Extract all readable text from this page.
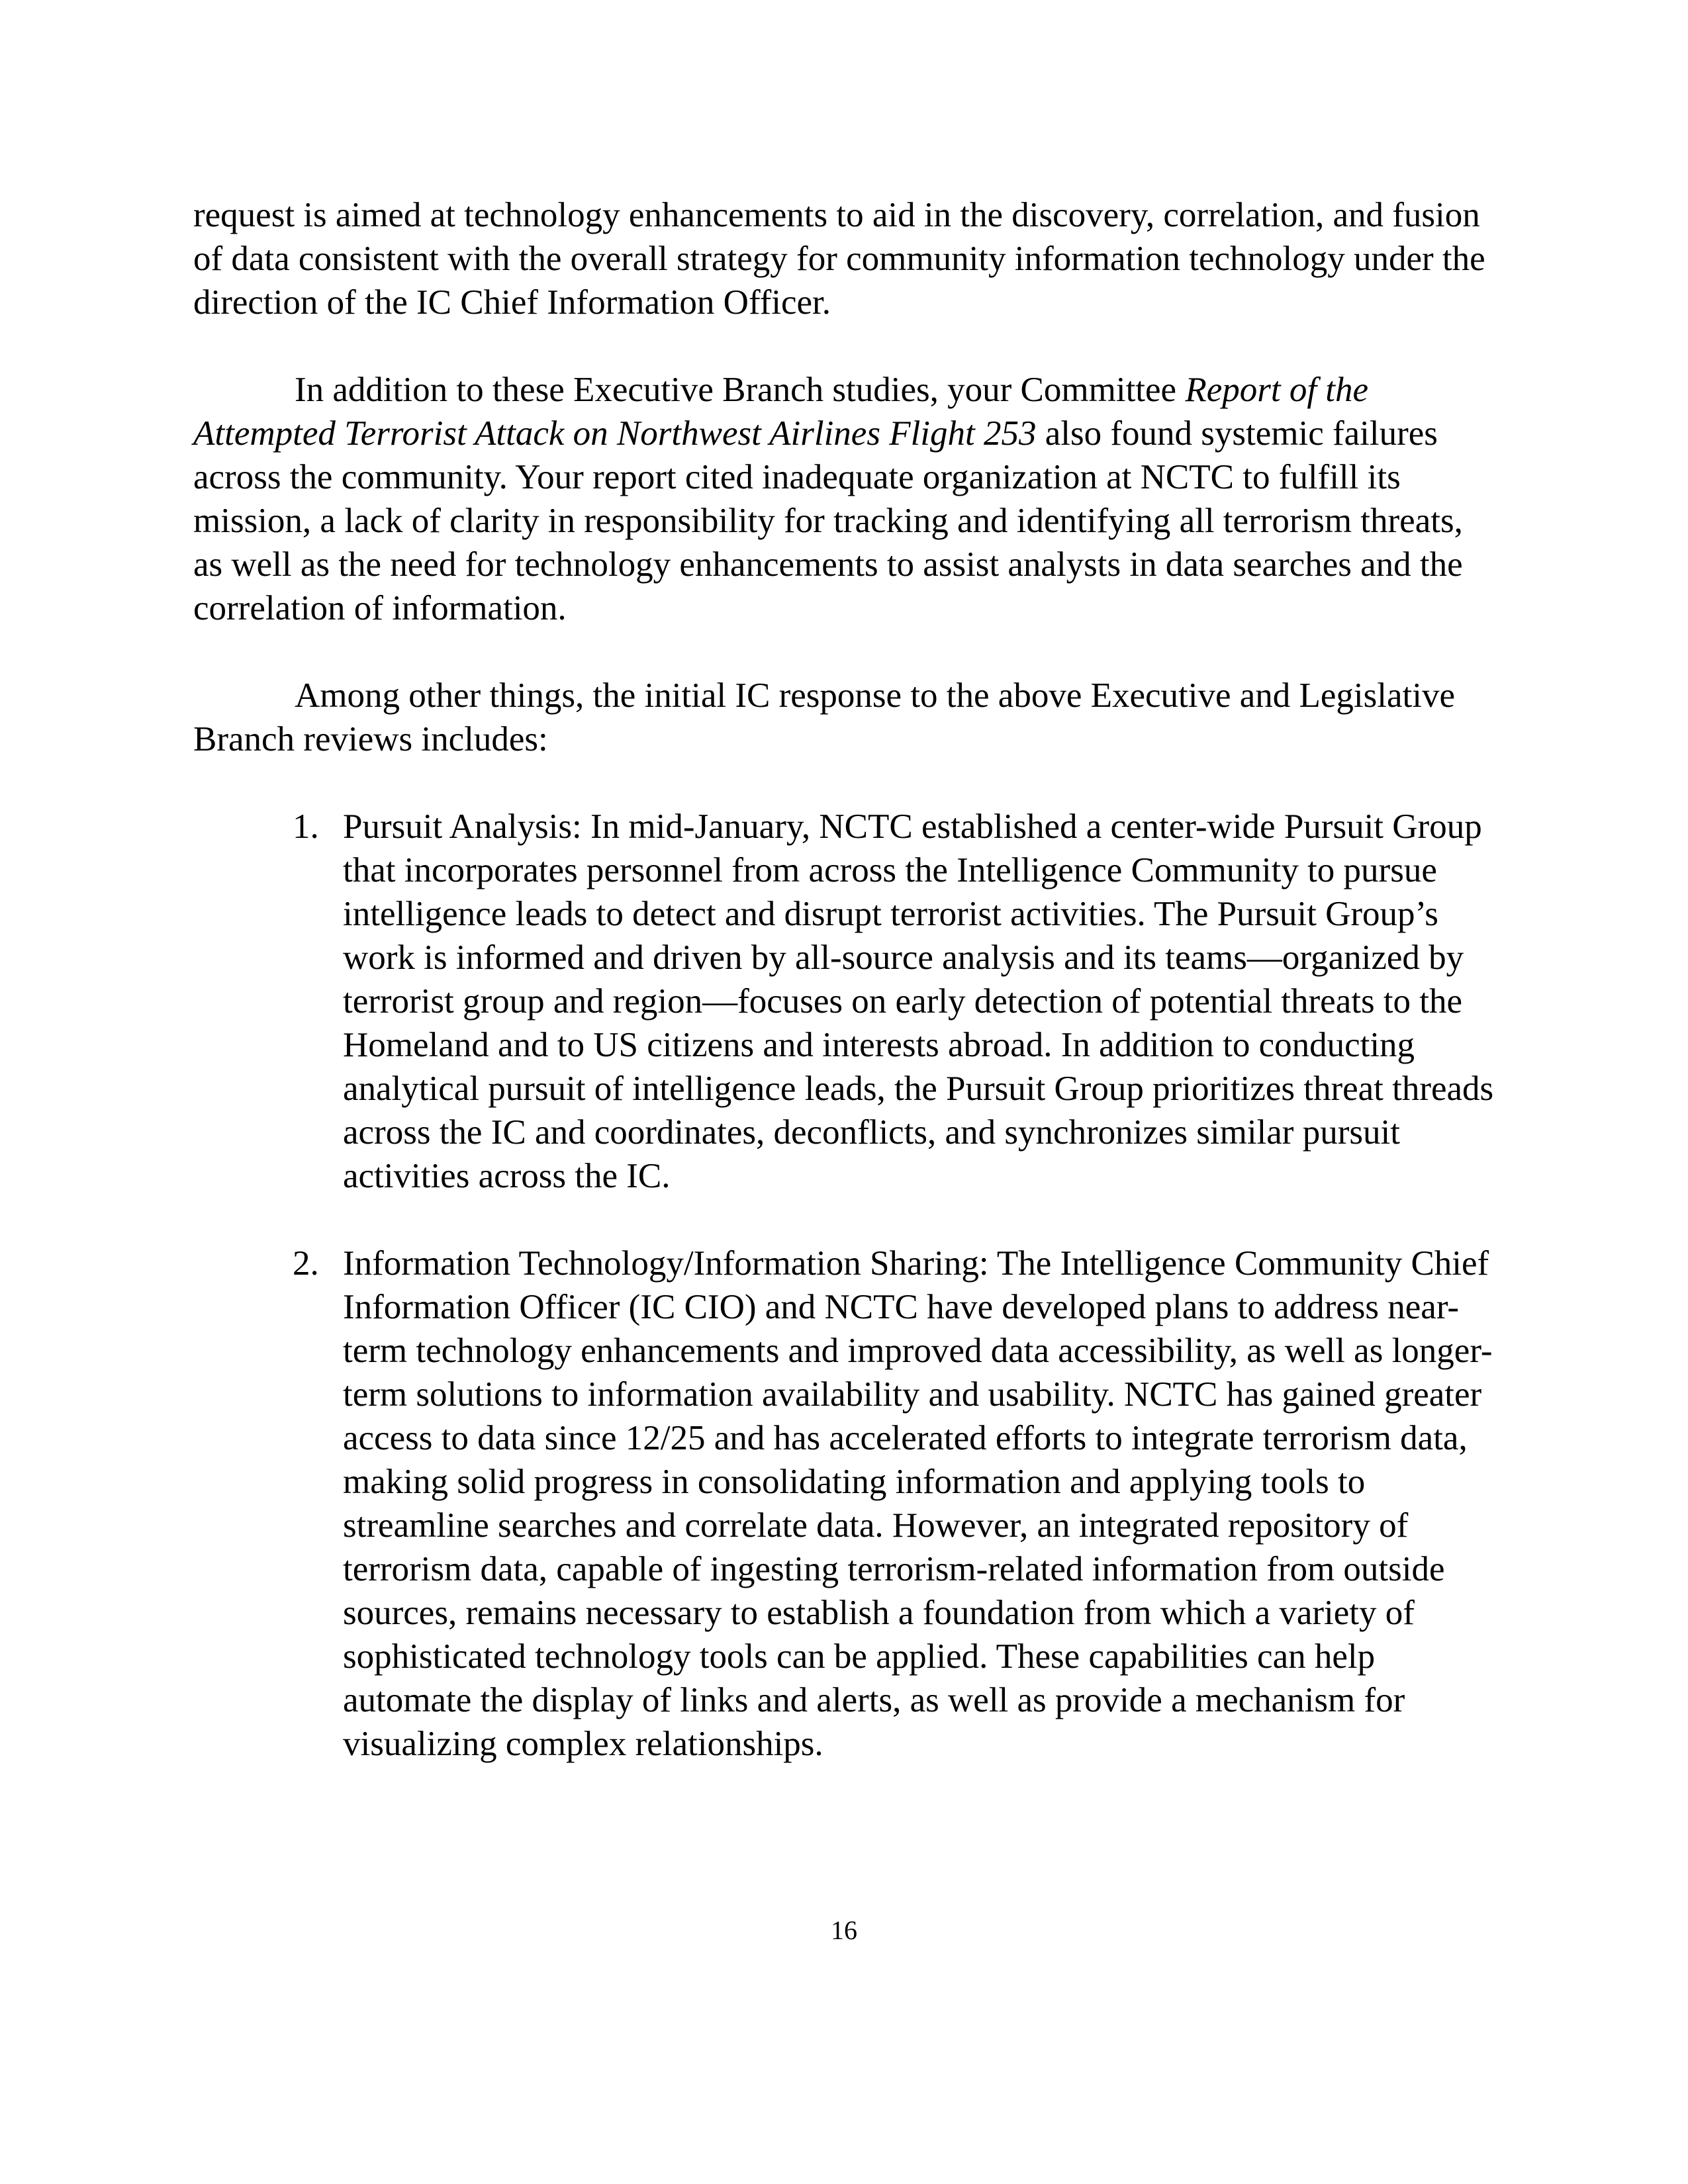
request is aimed at technology enhancements to aid in the discovery, correlation, and fusion of data consistent with the overall strategy for community information technology under the direction of the IC Chief Information Officer.

In addition to these Executive Branch studies, your Committee Report of the Attempted Terrorist Attack on Northwest Airlines Flight 253 also found systemic failures across the community. Your report cited inadequate organization at NCTC to fulfill its mission, a lack of clarity in responsibility for tracking and identifying all terrorism threats, as well as the need for technology enhancements to assist analysts in data searches and the correlation of information.

Among other things, the initial IC response to the above Executive and Legislative Branch reviews includes:

1. Pursuit Analysis: In mid-January, NCTC established a center-wide Pursuit Group that incorporates personnel from across the Intelligence Community to pursue intelligence leads to detect and disrupt terrorist activities. The Pursuit Group’s work is informed and driven by all-source analysis and its teams—organized by terrorist group and region—focuses on early detection of potential threats to the Homeland and to US citizens and interests abroad. In addition to conducting analytical pursuit of intelligence leads, the Pursuit Group prioritizes threat threads across the IC and coordinates, deconflicts, and synchronizes similar pursuit activities across the IC.
2. Information Technology/Information Sharing: The Intelligence Community Chief Information Officer (IC CIO) and NCTC have developed plans to address near-term technology enhancements and improved data accessibility, as well as longer-term solutions to information availability and usability. NCTC has gained greater access to data since 12/25 and has accelerated efforts to integrate terrorism data, making solid progress in consolidating information and applying tools to streamline searches and correlate data. However, an integrated repository of terrorism data, capable of ingesting terrorism-related information from outside sources, remains necessary to establish a foundation from which a variety of sophisticated technology tools can be applied. These capabilities can help automate the display of links and alerts, as well as provide a mechanism for visualizing complex relationships.
16
